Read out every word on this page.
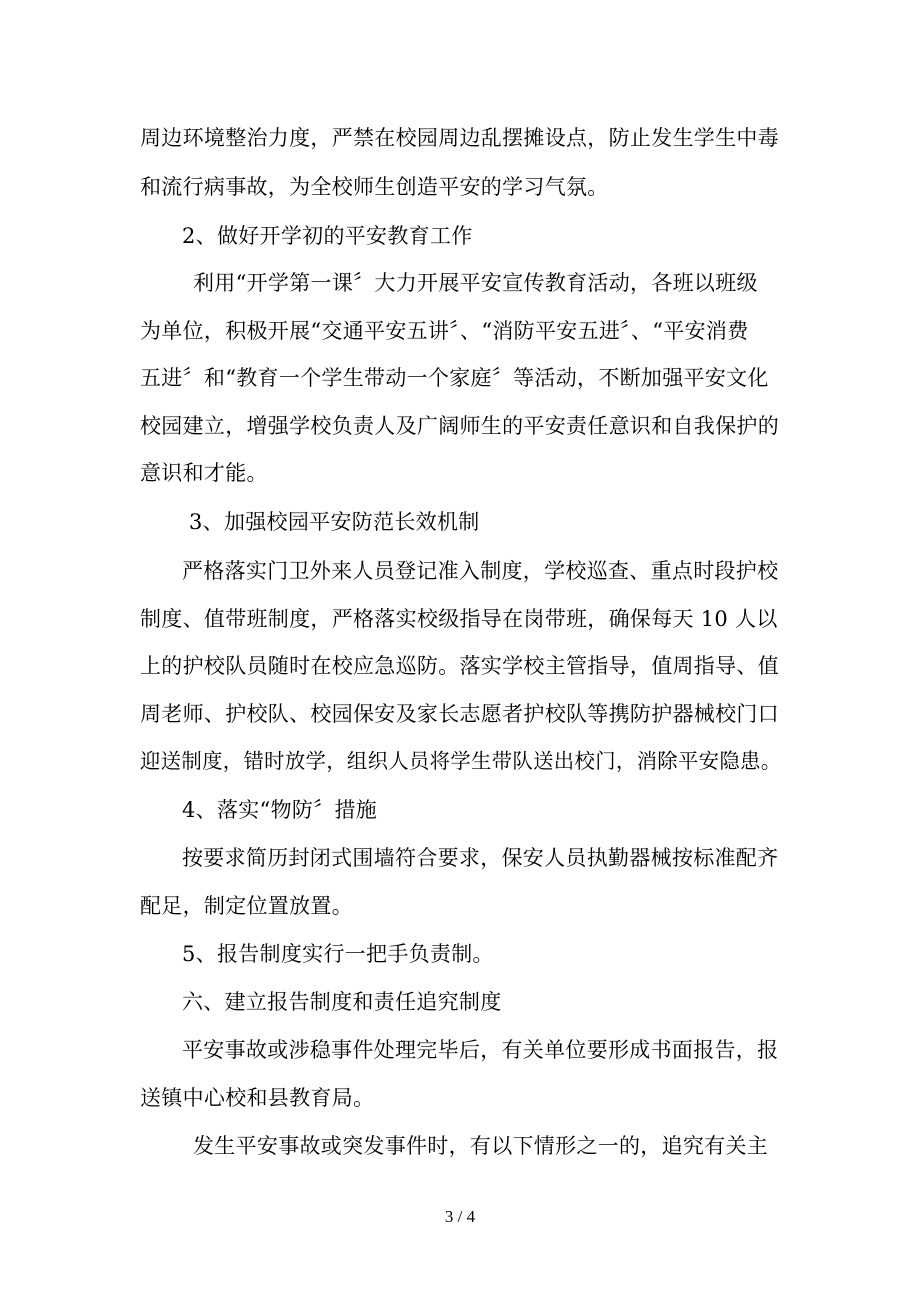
周边环境整治力度，严禁在校园周边乱摆摊设点，防止发生学生中毒
和流行病事故，为全校师生创造平安的学习气氛。
2、做好开学初的平安教育工作
利用“开学第一课〞大力开展平安宣传教育活动，各班以班级
为单位，积极开展“交通平安五讲〞、“消防平安五进〞、“平安消费
五进〞和“教育一个学生带动一个家庭〞等活动，不断加强平安文化
校园建立，增强学校负责人及广阔师生的平安责任意识和自我保护的
意识和才能。
3、加强校园平安防范长效机制
严格落实门卫外来人员登记准入制度，学校巡查、重点时段护校
制度、值带班制度，严格落实校级指导在岗带班，确保每天 10 人以
上的护校队员随时在校应急巡防。落实学校主管指导，值周指导、值
周老师、护校队、校园保安及家长志愿者护校队等携防护器械校门口
迎送制度，错时放学，组织人员将学生带队送出校门，消除平安隐患。
4、落实“物防〞措施
按要求简历封闭式围墙符合要求，保安人员执勤器械按标准配齐
配足，制定位置放置。
5、报告制度实行一把手负责制。
六、建立报告制度和责任追究制度
平安事故或涉稳事件处理完毕后，有关单位要形成书面报告，报
送镇中心校和县教育局。
发生平安事故或突发事件时，有以下情形之一的，追究有关主
3 / 4
